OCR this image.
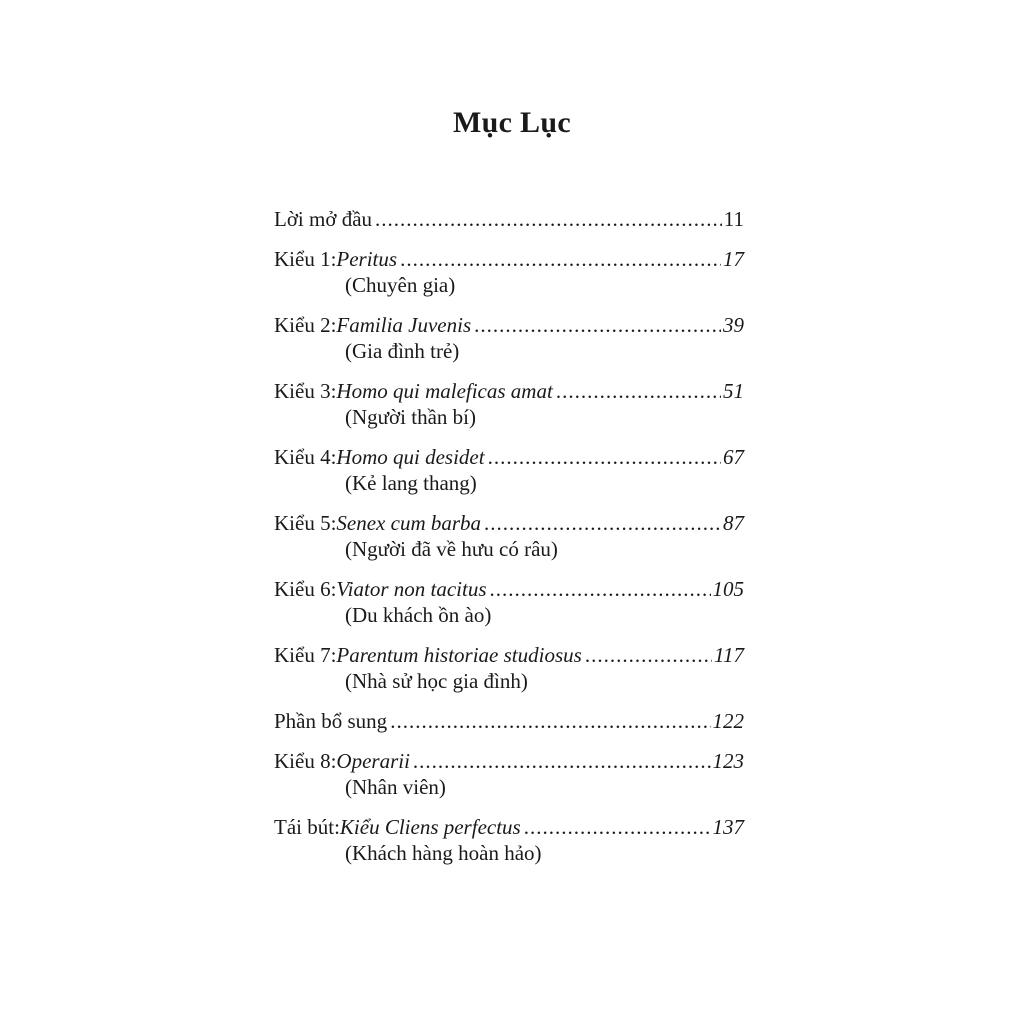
Mục Lục
Lời mở đầu .....	11
Kiểu 1: Peritus .....	17
(Chuyên gia)
Kiểu 2: Familia Juvenis .....	39
(Gia đình trẻ)
Kiểu 3: Homo qui maleficas amat .....	51
(Người thần bí)
Kiểu 4: Homo qui desidet .....	67
(Kẻ lang thang)
Kiểu 5: Senex cum barba .....	87
(Người đã về hưu có râu)
Kiểu 6: Viator non tacitus .....	105
(Du khách ồn ào)
Kiểu 7: Parentum historiae studiosus .....	117
(Nhà sử học gia đình)
Phần bổ sung .....	122
Kiểu 8: Operarii .....	123
(Nhân viên)
Tái bút: Kiểu Cliens perfectus .....	137
(Khách hàng hoàn hảo)
